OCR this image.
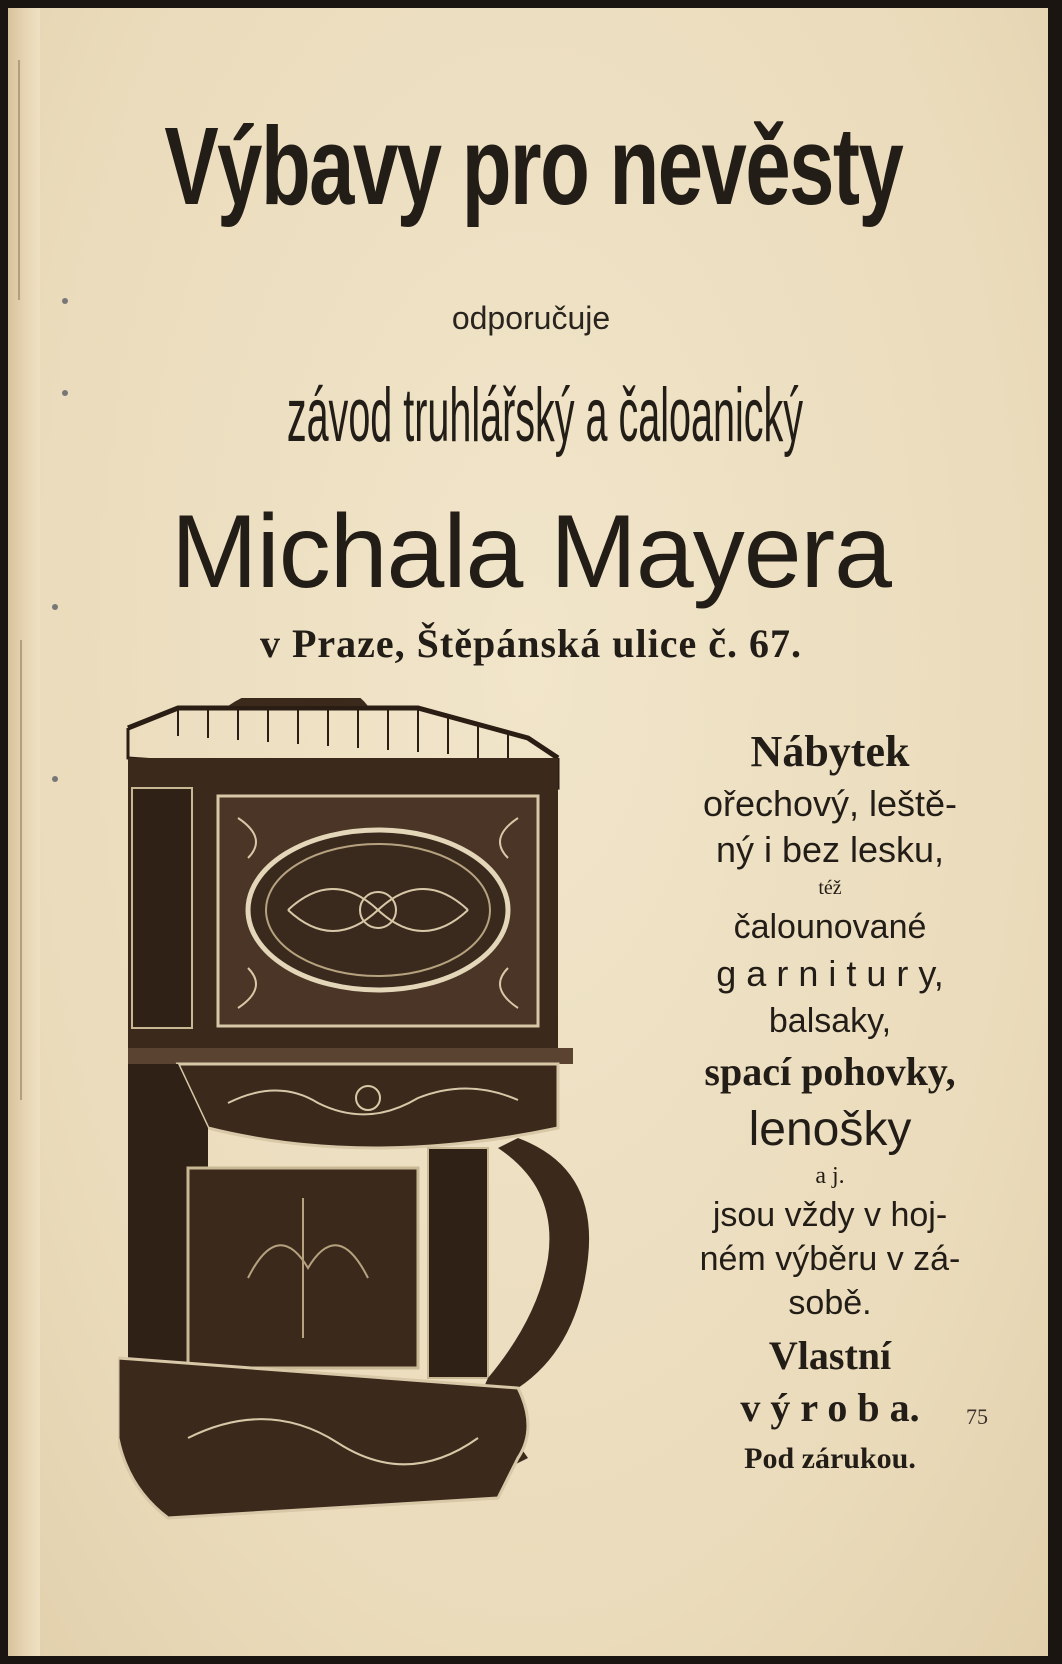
Výbavy pro nevěsty
odporučuje
závod truhlářský a čaloanický
Michala Mayera
v Praze, Štěpánská ulice č. 67.
Nábytek
ořechový, leště-
ný i bez lesku,
též
čalounované
g a r n i t u r y,
balsaky,
spací pohovky,
lenošky
a j.
jsou vždy v hoj-
ném výběru v zá-
sobě.
Vlastní
v ý r o b a.
Pod zárukou.
75
